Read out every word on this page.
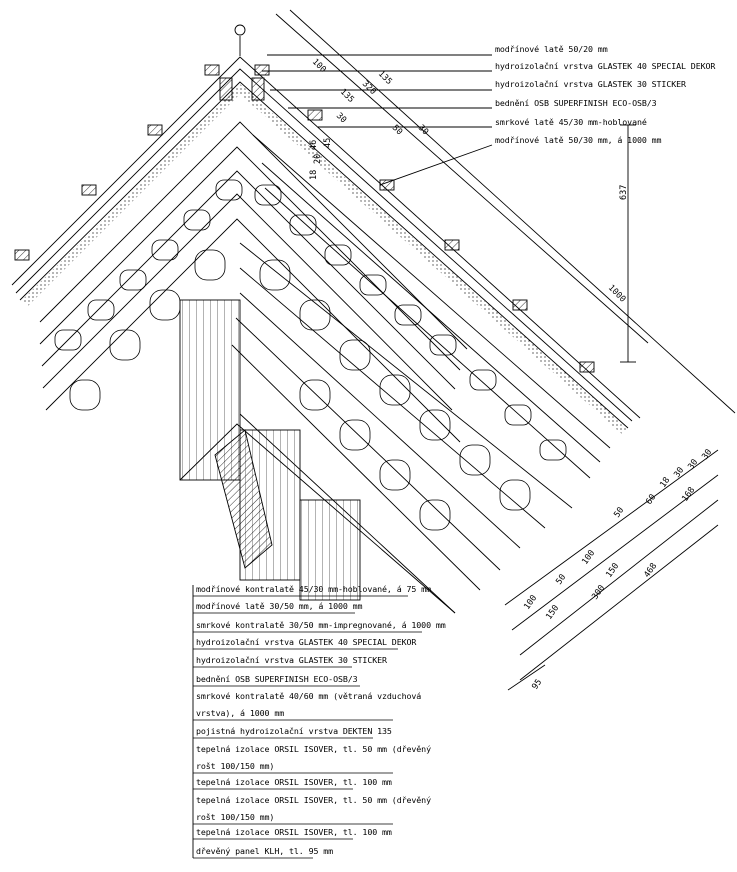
modřínové latě 50/20 mm
hydroizolační vrstva GLASTEK 40 SPECIAL DEKOR
hydroizolační vrstva GLASTEK 30 STICKER
bednění OSB SUPERFINISH ECO-OSB/3
smrkové latě 45/30 mm-hoblované
modřínové latě 50/30 mm, á 1000 mm
modřínové kontralatě 45/30 mm-hoblované, á 75 mm
modřínové latě 30/50 mm, á 1000 mm
smrkové kontralatě 30/50 mm-impregnované, á 1000 mm
hydroizolační vrstva GLASTEK 40 SPECIAL DEKOR
hydroizolační vrstva GLASTEK 30 STICKER
bednění OSB SUPERFINISH ECO-OSB/3
smrkové kontralatě 40/60 mm (větraná vzduchová
vrstva), á 1000 mm
pojistná hydroizolační vrstva DEKTEN 135
tepelná izolace ORSIL ISOVER, tl. 50 mm (dřevěný
rošt 100/150 mm)
tepelná izolace ORSIL ISOVER, tl. 100 mm
tepelná izolace ORSIL ISOVER, tl. 50 mm (dřevěný
rošt 100/150 mm)
tepelná izolace ORSIL ISOVER, tl. 100 mm
dřevěný panel KLH, tl. 95 mm
100
135
320
135
30
50 30
46 45
20
18
637
1000
100
50
100
50
60
18
30
30
30
150
150
168
300
468
95
